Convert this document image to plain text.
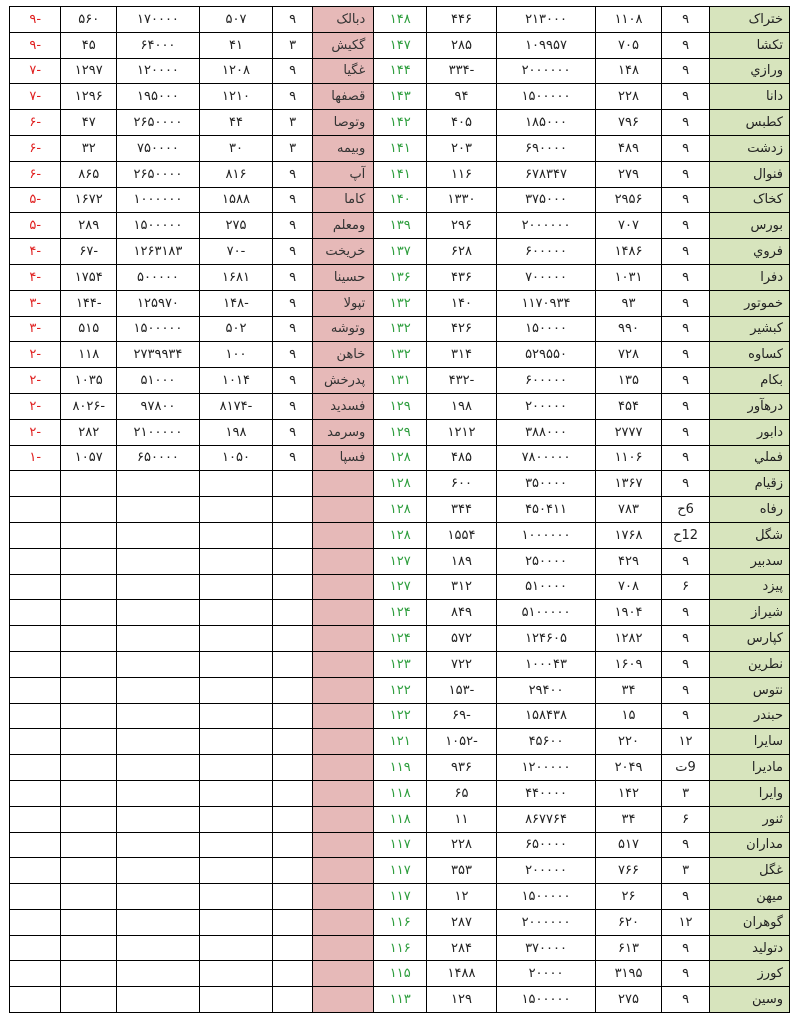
ختراک	۹	۱۱۰۸	۲۱۳۰۰۰	۴۴۶	۱۴۸	دبالک	۹	۵۰۷	۱۷۰۰۰۰	۵۶۰	-۹
تکشا	۹	۷۰۵	۱۰۹۹۵۷	۲۸۵	۱۴۷	گکیش	۳	۴۱	۶۴۰۰۰	۴۵	-۹
ورازي	۹	۱۴۸	۲۰۰۰۰۰۰	-۳۳۴	۱۴۴	غگیا	۹	۱۲۰۸	۱۲۰۰۰۰	۱۲۹۷	-۷
دانا	۹	۲۲۸	۱۵۰۰۰۰۰	۹۴	۱۴۳	قصفها	۹	۱۲۱۰	۱۹۵۰۰۰	۱۲۹۶	-۷
کطبس	۹	۷۹۶	۱۸۵۰۰۰	۴۰۵	۱۴۲	وتوصا	۳	۴۴	۲۶۵۰۰۰۰	۴۷	-۶
زدشت	۹	۴۸۹	۶۹۰۰۰۰	۲۰۳	۱۴۱	وبیمه	۳	۳۰	۷۵۰۰۰۰	۳۲	-۶
فنوال	۹	۲۷۹	۶۷۸۳۴۷	۱۱۶	۱۴۱	آپ	۹	۸۱۶	۲۶۵۰۰۰۰	۸۶۵	-۶
کخاک	۹	۲۹۵۶	۳۷۵۰۰۰	۱۳۳۰	۱۴۰	کاما	۹	۱۵۸۸	۱۰۰۰۰۰۰	۱۶۷۲	-۵
بورس	۹	۷۰۷	۲۰۰۰۰۰۰	۲۹۶	۱۳۹	ومعلم	۹	۲۷۵	۱۵۰۰۰۰۰	۲۸۹	-۵
فروي	۹	۱۴۸۶	۶۰۰۰۰۰	۶۲۸	۱۳۷	خریخت	۹	-۷۰	۱۲۶۳۱۸۳	-۶۷	-۴
دفرا	۹	۱۰۳۱	۷۰۰۰۰۰	۴۳۶	۱۳۶	حسینا	۹	۱۶۸۱	۵۰۰۰۰۰	۱۷۵۴	-۴
خموتور	۹	۹۳	۱۱۷۰۹۳۴	۱۴۰	۱۳۲	تپولا	۹	-۱۴۸	۱۲۵۹۷۰	-۱۴۴	-۳
کبشیر	۹	۹۹۰	۱۵۰۰۰۰	۴۲۶	۱۳۲	وتوشه	۹	۵۰۲	۱۵۰۰۰۰۰	۵۱۵	-۳
کساوه	۹	۷۲۸	۵۲۹۵۵۰	۳۱۴	۱۳۲	خاهن	۹	۱۰۰	۲۷۳۹۹۳۴	۱۱۸	-۲
بکام	۹	۱۳۵	۶۰۰۰۰۰	-۴۳۲	۱۳۱	پدرخش	۹	۱۰۱۴	۵۱۰۰۰	۱۰۳۵	-۲
درهآور	۹	۴۵۴	۲۰۰۰۰۰	۱۹۸	۱۲۹	فسدید	۹	-۸۱۷۴	۹۷۸۰۰	-۸۰۲۶	-۲
دابور	۹	۲۷۷۷	۳۸۸۰۰۰	۱۲۱۲	۱۲۹	وسرمد	۹	۱۹۸	۲۱۰۰۰۰۰	۲۸۲	-۲
فملي	۹	۱۱۰۶	۷۸۰۰۰۰۰	۴۸۵	۱۲۸	فسپا	۹	۱۰۵۰	۶۵۰۰۰۰	۱۰۵۷	-۱
زقیام	۹	۱۳۶۷	۳۵۰۰۰۰	۶۰۰	۱۲۸						
رفاه	6ح	۷۸۳	۴۵۰۴۱۱	۳۴۴	۱۲۸						
شگل	12ح	۱۷۶۸	۱۰۰۰۰۰۰	۱۵۵۴	۱۲۸						
سدبیر	۹	۴۲۹	۲۵۰۰۰۰	۱۸۹	۱۲۷						
پیزد	۶	۷۰۸	۵۱۰۰۰۰	۳۱۲	۱۲۷						
شیراز	۹	۱۹۰۴	۵۱۰۰۰۰۰	۸۴۹	۱۲۴						
کپارس	۹	۱۲۸۲	۱۲۴۶۰۵	۵۷۲	۱۲۴						
نطرین	۹	۱۶۰۹	۱۰۰۰۴۳	۷۲۲	۱۲۳						
نتوس	۹	۳۴	۲۹۴۰۰	-۱۵۳	۱۲۲						
حبندر	۹	۱۵	۱۵۸۴۳۸	-۶۹	۱۲۲						
سایرا	۱۲	۲۲۰	۴۵۶۰۰	-۱۰۵۲	۱۲۱						
مادیرا	9ت	۲۰۴۹	۱۲۰۰۰۰۰	۹۳۶	۱۱۹						
وایرا	۳	۱۴۲	۴۴۰۰۰۰	۶۵	۱۱۸						
ثنور	۶	۳۴	۸۶۷۷۶۴	۱۱	۱۱۸						
مداران	۹	۵۱۷	۶۵۰۰۰۰	۲۲۸	۱۱۷						
غگل	۳	۷۶۶	۲۰۰۰۰۰	۳۵۳	۱۱۷						
میهن	۹	۲۶	۱۵۰۰۰۰۰	۱۲	۱۱۷						
گوهران	۱۲	۶۲۰	۲۰۰۰۰۰۰	۲۸۷	۱۱۶						
دتولید	۹	۶۱۳	۳۷۰۰۰۰	۲۸۴	۱۱۶						
کورز	۹	۳۱۹۵	۲۰۰۰۰	۱۴۸۸	۱۱۵						
وسین	۹	۲۷۵	۱۵۰۰۰۰۰	۱۲۹	۱۱۳						
